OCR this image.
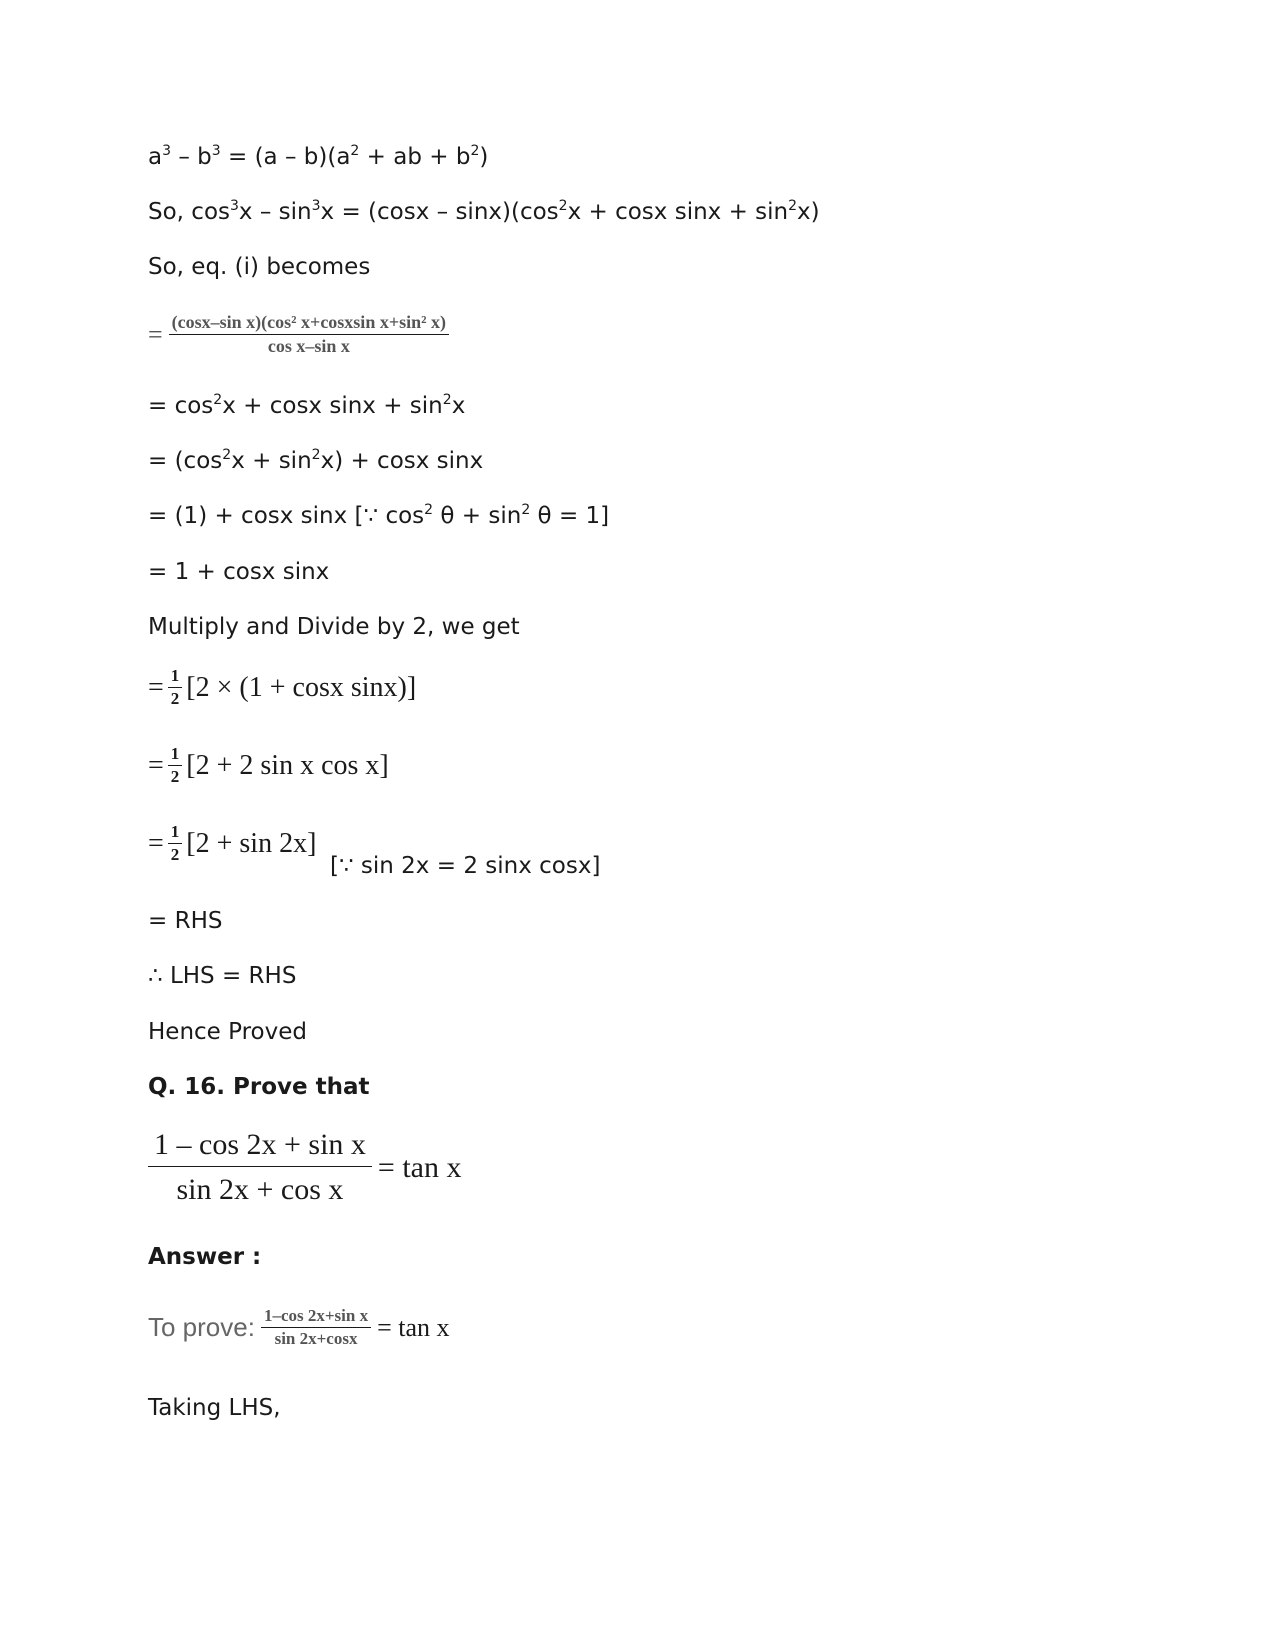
$a^3 - b^3 = (a - b)(a^2$ + ab + $b^2$)
So, $\cos^3x - \sin^3x = (\cos x - \sin x)(\cos^2x + \cos x$ $\sin x + \sin^2x$)
So, eq. (i) becomes
= $\frac{\text{(cosx–sin x)(cos² x+cosxsin x+sin² x)}}{\text{cos x–sin x}}$
= $\cos^2x + \cos x$ $\sin x + \sin^2x$
= $(\cos^2x + \sin^2x) + \cos x$ sinx
= (1) + cosx sinx [∵ $\cos^2 \theta + \sin^2 \theta = 1$]
= 1 + cosx sinx
Multiply and Divide by 2, we get
= $\frac{1}{2} [2 \times (1 + \cos x$ sinx)]
= $\frac{1}{2} [2 + 2$ sin x cos x]
= $\frac{1}{2} [2 + \sin 2x]$
[∵ sin 2x = 2 sinx cosx]
= RHS
∴ LHS = RHS
Hence Proved
Q. 16. Prove that
$\frac{\text{1 – cos 2x + sin x}}{\text{sin 2x + cos x}} = \tan x$
Answer :
To prove: $\frac{\text{1–cos 2x+sin x}}{\sin 2x+\cos x} = \tan x$
Taking LHS,
